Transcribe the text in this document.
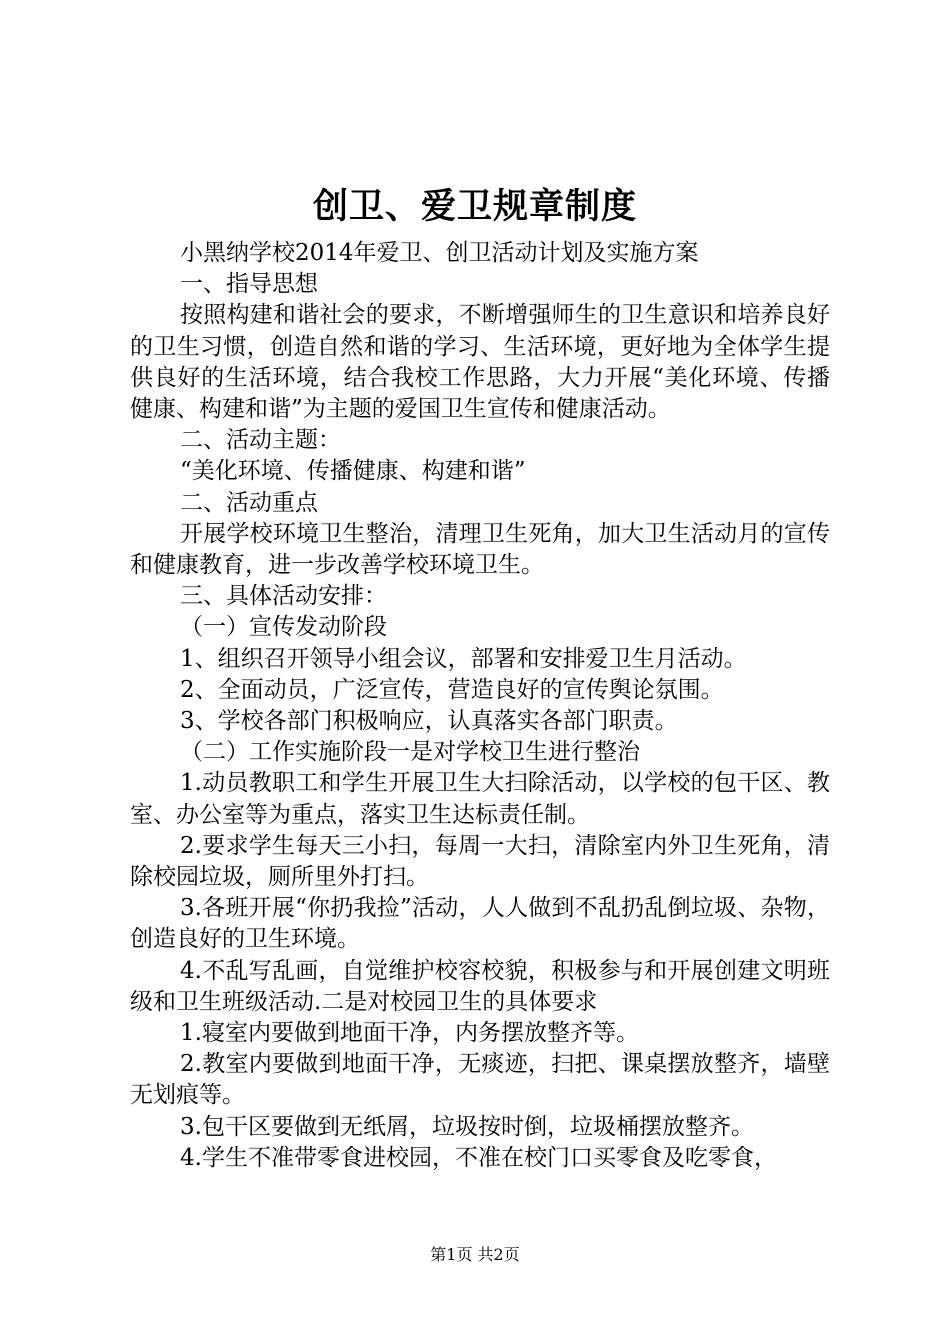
创卫、爱卫规章制度

小黑纳学校2014年爱卫、创卫活动计划及实施方案

一、指导思想

按照构建和谐社会的要求，不断增强师生的卫生意识和培养良好的卫生习惯，创造自然和谐的学习、生活环境，更好地为全体学生提供良好的生活环境，结合我校工作思路，大力开展“美化环境、传播健康、构建和谐”为主题的爱国卫生宣传和健康活动。

二、活动主题：

“美化环境、传播健康、构建和谐”

二、活动重点

开展学校环境卫生整治，清理卫生死角，加大卫生活动月的宣传和健康教育，进一步改善学校环境卫生。

三、具体活动安排：

（一）宣传发动阶段

1、组织召开领导小组会议，部署和安排爱卫生月活动。

2、全面动员，广泛宣传，营造良好的宣传舆论氛围。

3、学校各部门积极响应，认真落实各部门职责。

（二）工作实施阶段一是对学校卫生进行整治

1.动员教职工和学生开展卫生大扫除活动，以学校的包干区、教室、办公室等为重点，落实卫生达标责任制。

2.要求学生每天三小扫，每周一大扫，清除室内外卫生死角，清除校园垃圾，厕所里外打扫。

3.各班开展“你扔我捡”活动，人人做到不乱扔乱倒垃圾、杂物，创造良好的卫生环境。

4.不乱写乱画，自觉维护校容校貌，积极参与和开展创建文明班级和卫生班级活动.二是对校园卫生的具体要求

1.寝室内要做到地面干净，内务摆放整齐等。

2.教室内要做到地面干净，无痰迹，扫把、课桌摆放整齐，墙壁无划痕等。

3.包干区要做到无纸屑，垃圾按时倒，垃圾桶摆放整齐。

4.学生不准带零食进校园，不准在校门口买零食及吃零食，

第1页 共2页
